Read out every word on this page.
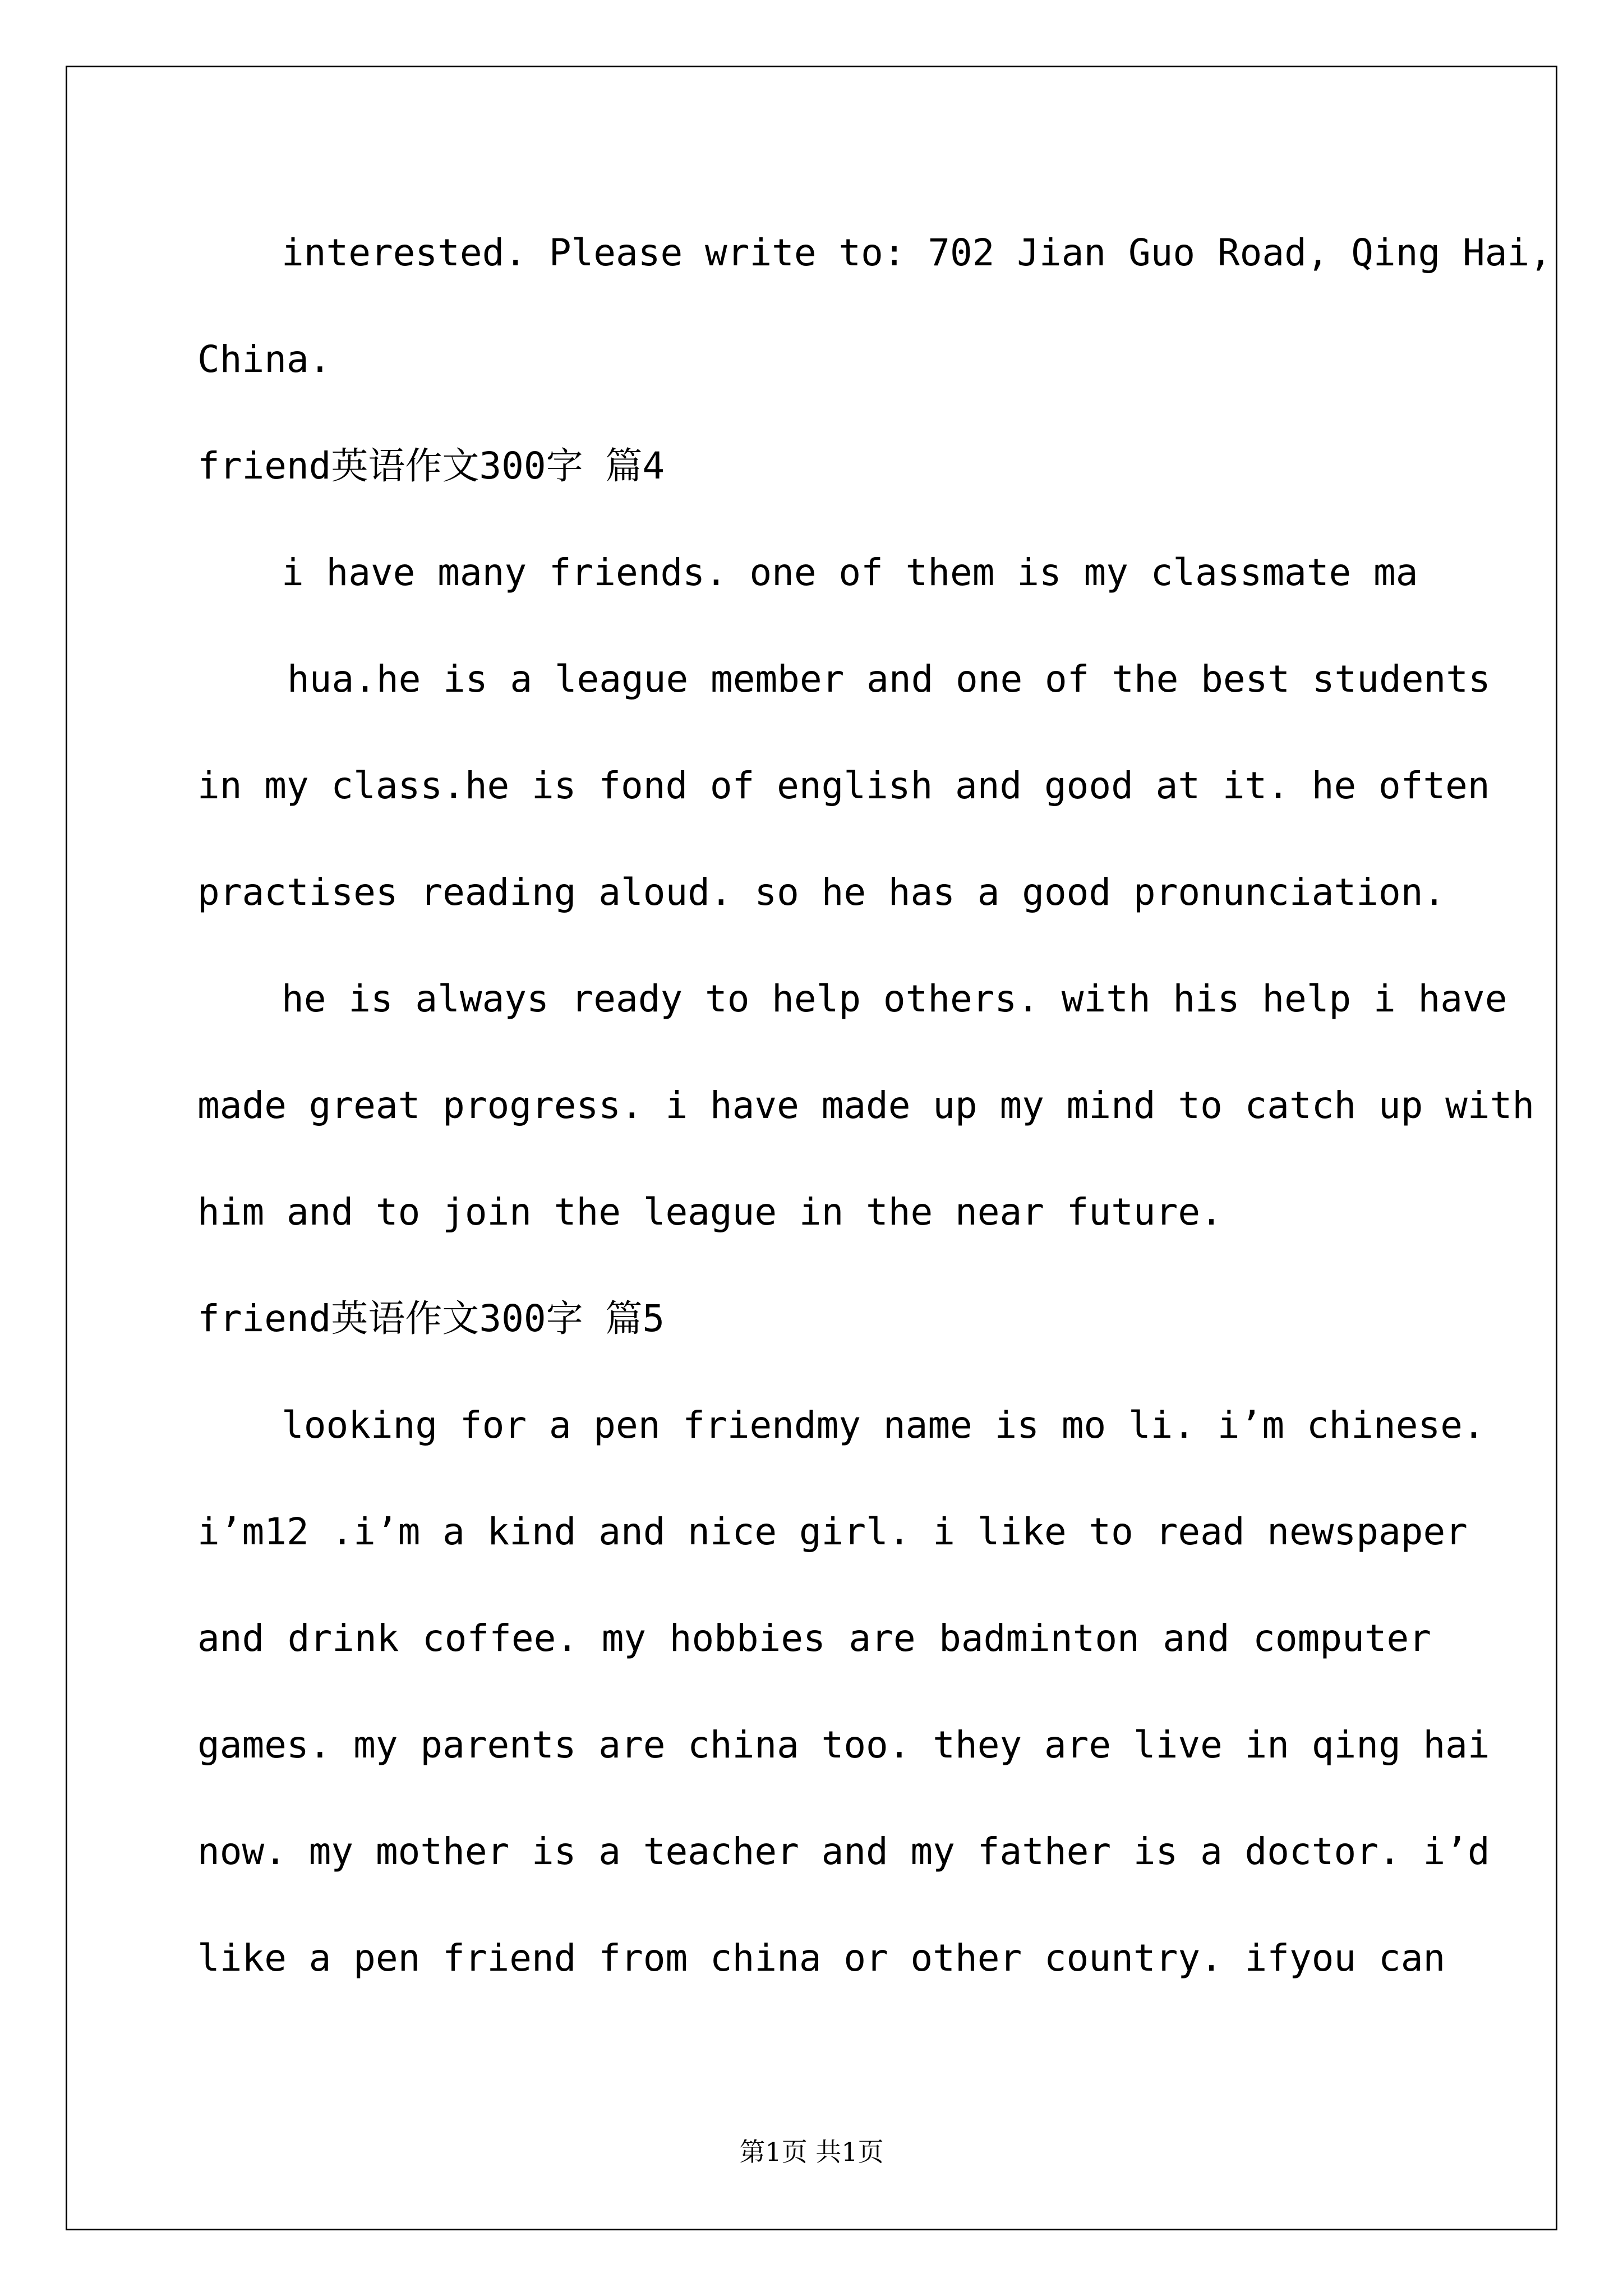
interested. Please write to: 702 Jian Guo Road, Qing Hai,
China.
friend英语作文300字 篇4
i have many friends. one of them is my classmate ma
hua.he is a league member and one of the best students
in my class.he is fond of english and good at it. he often
practises reading aloud. so he has a good pronunciation.
he is always ready to help others. with his help i have
made great progress. i have made up my mind to catch up with
him and to join the league in the near future.
friend英语作文300字 篇5
looking for a pen friendmy name is mo li. i’m chinese.
i’m12 .i’m a kind and nice girl. i like to read newspaper
and drink coffee. my hobbies are badminton and computer
games. my parents are china too. they are live in qing hai
now. my mother is a teacher and my father is a doctor. i’d
like a pen friend from china or other country. ifyou can
第1页 共1页
